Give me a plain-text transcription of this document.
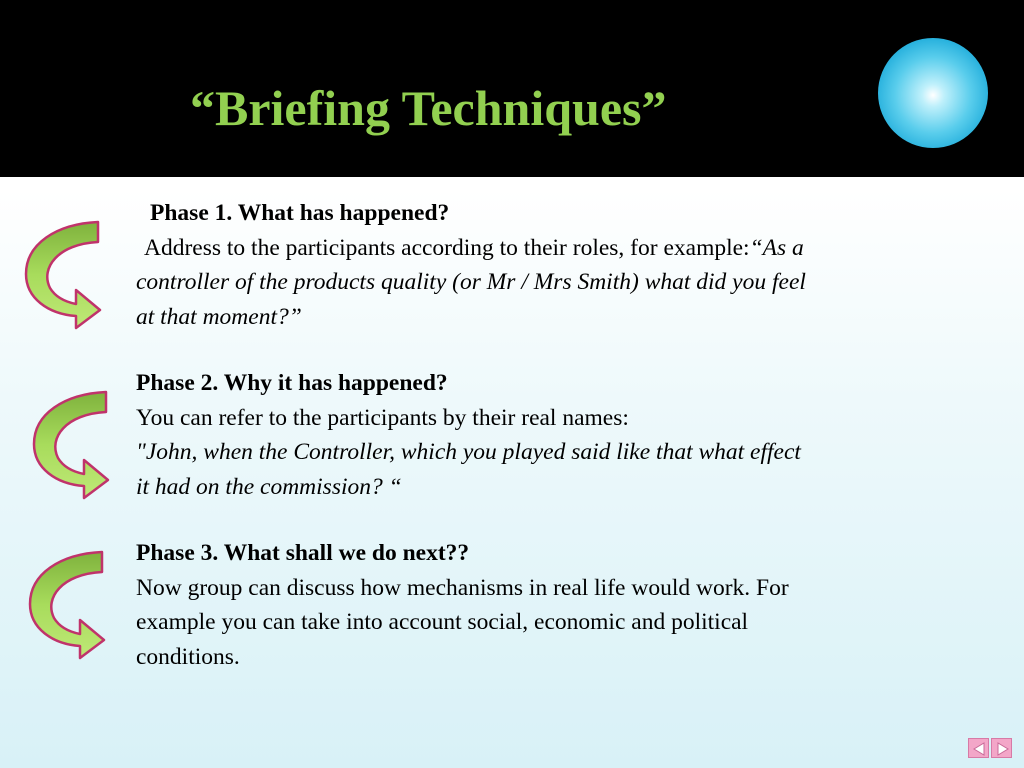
“Briefing Techniques”
Phase 1. What has happened?
Address to the participants according to their roles, for example:“As a
controller of the products quality (or Mr / Mrs Smith) what did you feel
at that moment?”
Phase 2. Why it has happened?
You can refer to the participants by their real names:
"John, when the Controller, which you played said like that what effect
it had on the commission? “
Phase 3. What shall we do next??
Now group can discuss how mechanisms in real life would work. For
example you can take into account social, economic and political
conditions.
